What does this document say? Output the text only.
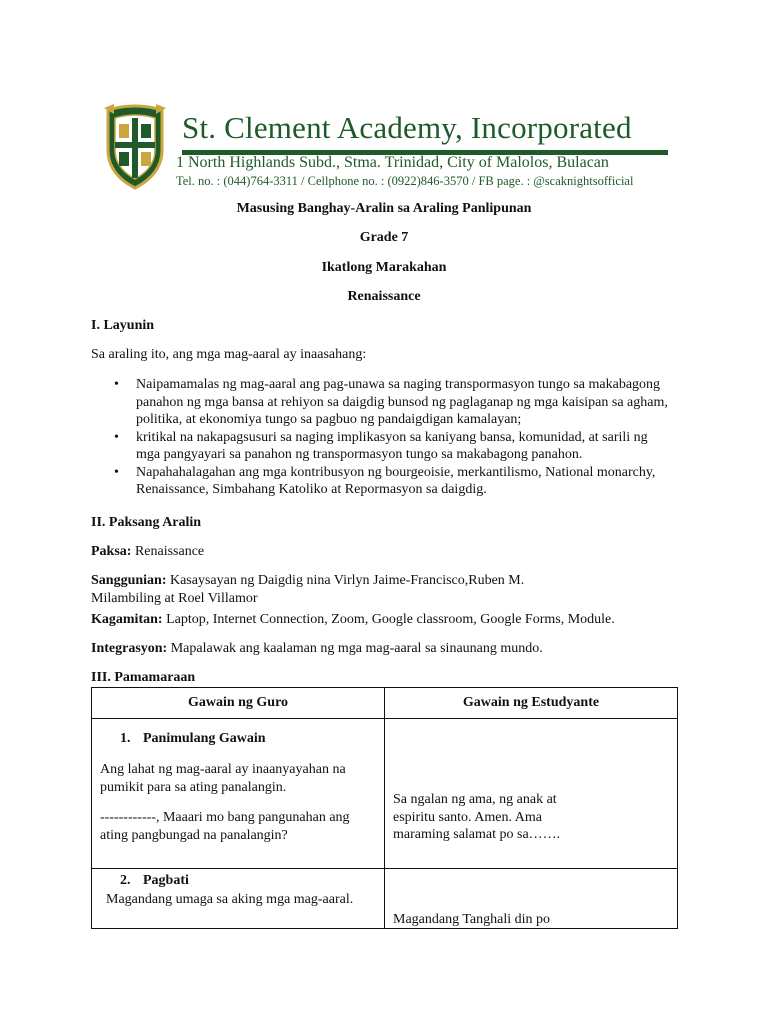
St. Clement Academy, Incorporated
1 North Highlands Subd., Stma. Trinidad, City of Malolos, Bulacan
Tel. no. : (044)764-3311 / Cellphone no. : (0922)846-3570 / FB page. : @scaknightsofficial
Masusing Banghay-Aralin sa Araling Panlipunan
Grade 7
Ikatlong Marakahan
Renaissance
I. Layunin
Sa araling ito, ang mga mag-aaral ay inaasahang:
• Naipamamalas ng mag-aaral ang pag-unawa sa naging transpormasyon tungo sa makabagong panahon ng mga bansa at rehiyon sa daigdig bunsod ng paglaganap ng mga kaisipan sa agham, politika, at ekonomiya tungo sa pagbuo ng pandaigdigan kamalayan;
• kritikal na nakapagsusuri sa naging implikasyon sa kaniyang bansa, komunidad, at sarili ng mga pangyayari sa panahon ng transpormasyon tungo sa makabagong panahon.
• Napahahalagahan ang mga kontribusyon ng bourgeoisie, merkantilismo, National monarchy, Renaissance, Simbahang Katoliko at Repormasyon sa daigdig.
II. Paksang Aralin
Paksa: Renaissance
Sanggunian: Kasaysayan ng Daigdig nina Virlyn Jaime-Francisco,Ruben M.
Milambiling at Roel Villamor
Kagamitan: Laptop, Internet Connection, Zoom, Google classroom, Google Forms, Module.
Integrasyon: Mapalawak ang kaalaman ng mga mag-aaral sa sinaunang mundo.
III. Pamamaraan
Gawain ng Guro	Gawain ng Estudyante

1. Panimulang Gawain
Ang lahat ng mag-aaral ay inaanyayahan na pumikit para sa ating panalangin.
------------, Maaari mo bang pangunahan ang ating pangbungad na panalangin?	Sa ngalan ng ama, ng anak at espiritu santo. Amen. Ama maraming salamat po sa…….

2. Pagbati
Magandang umaga sa aking mga mag-aaral.	Magandang Tanghali din po
